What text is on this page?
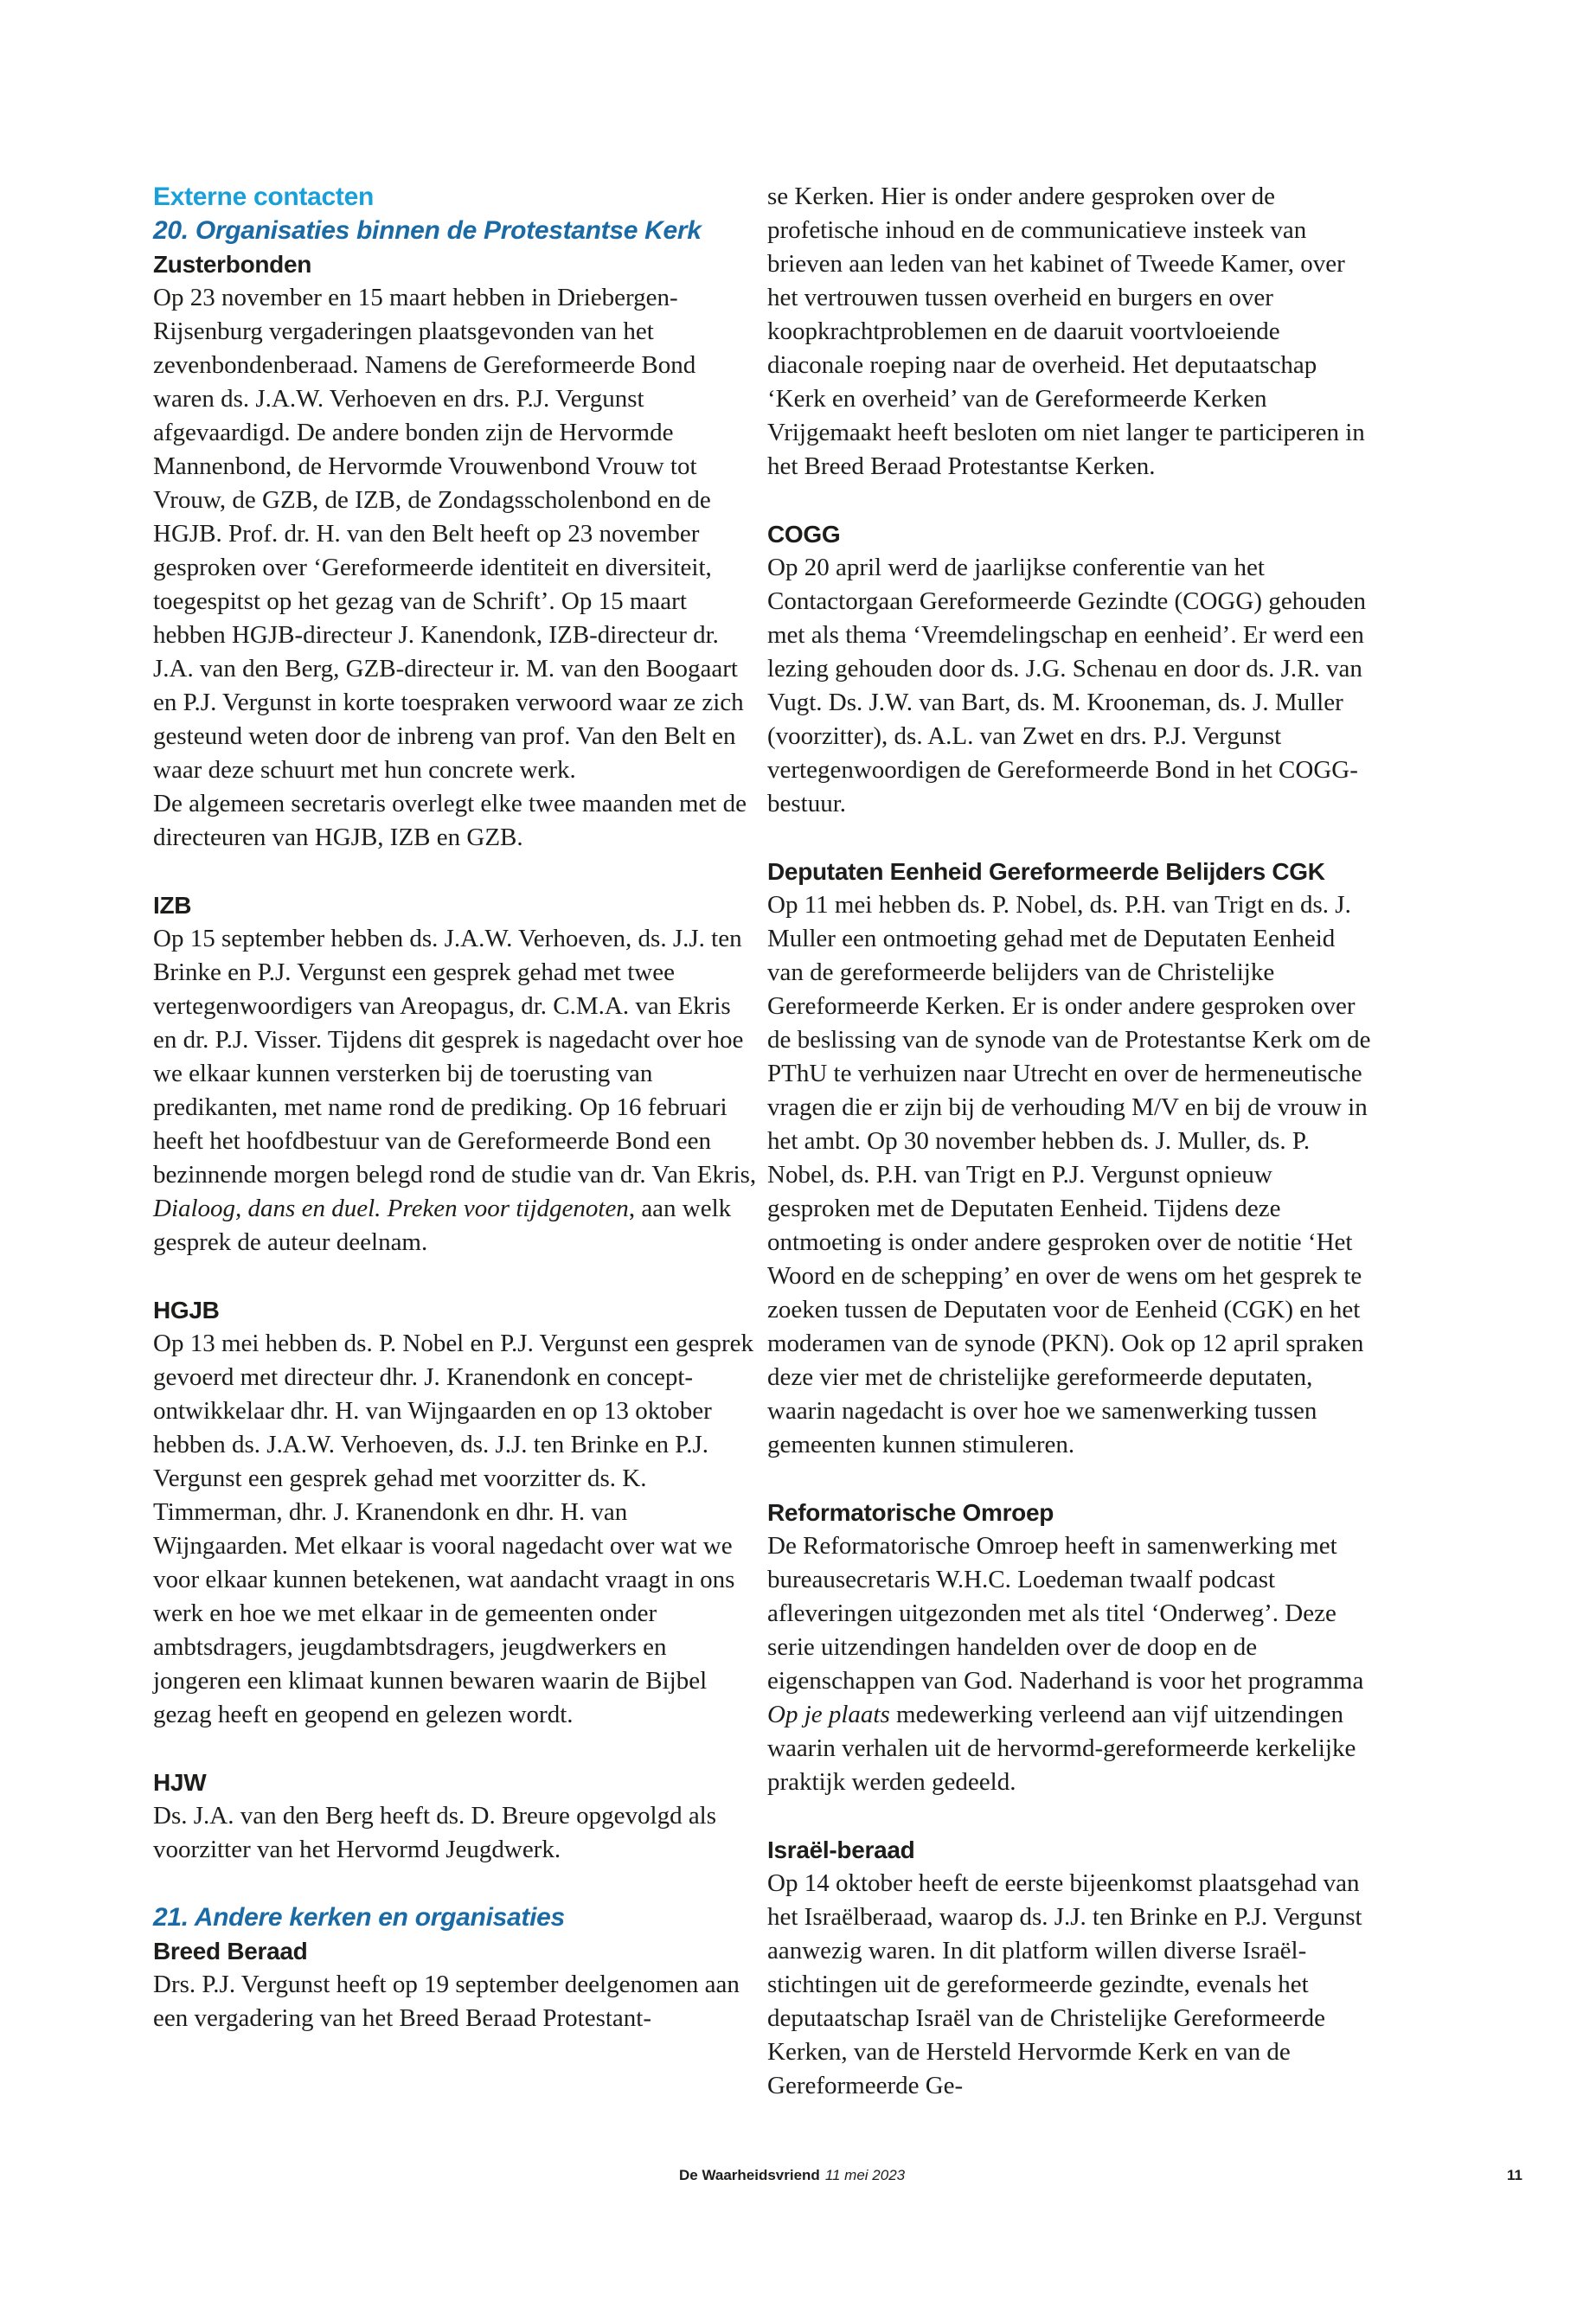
Externe contacten
20. Organisaties binnen de Protestantse Kerk
Zusterbonden

Op 23 november en 15 maart hebben in Driebergen-Rijsenburg vergaderingen plaatsgevonden van het zevenbondenberaad. Namens de Gereformeerde Bond waren ds. J.A.W. Verhoeven en drs. P.J. Vergunst afgevaardigd. De andere bonden zijn de Hervormde Mannenbond, de Hervormde Vrouwenbond Vrouw tot Vrouw, de GZB, de IZB, de Zondagsscholenbond en de HGJB. Prof. dr. H. van den Belt heeft op 23 november gesproken over ‘Gereformeerde identiteit en diversiteit, toegespitst op het gezag van de Schrift’. Op 15 maart hebben HGJB-directeur J. Kanendonk, IZB-directeur dr. J.A. van den Berg, GZB-directeur ir. M. van den Boogaart en P.J. Vergunst in korte toespraken verwoord waar ze zich gesteund weten door de inbreng van prof. Van den Belt en waar deze schuurt met hun concrete werk.

De algemeen secretaris overlegt elke twee maanden met de directeuren van HGJB, IZB en GZB.

IZB

Op 15 september hebben ds. J.A.W. Verhoeven, ds. J.J. ten Brinke en P.J. Vergunst een gesprek gehad met twee vertegenwoordigers van Areopagus, dr. C.M.A. van Ekris en dr. P.J. Visser. Tijdens dit gesprek is nagedacht over hoe we elkaar kunnen versterken bij de toerusting van predikanten, met name rond de prediking. Op 16 februari heeft het hoofdbestuur van de Gereformeerde Bond een bezinnende morgen belegd rond de studie van dr. Van Ekris, Dialoog, dans en duel. Preken voor tijdgenoten, aan welk gesprek de auteur deelnam.

HGJB

Op 13 mei hebben ds. P. Nobel en P.J. Vergunst een gesprek gevoerd met directeur dhr. J. Kranendonk en concept-ontwikkelaar dhr. H. van Wijngaarden en op 13 oktober hebben ds. J.A.W. Verhoeven, ds. J.J. ten Brinke en P.J. Vergunst een gesprek gehad met voorzitter ds. K. Timmerman, dhr. J. Kranendonk en dhr. H. van Wijngaarden. Met elkaar is vooral nagedacht over wat we voor elkaar kunnen betekenen, wat aandacht vraagt in ons werk en hoe we met elkaar in de gemeenten onder ambtsdragers, jeugdambtsdragers, jeugdwerkers en jongeren een klimaat kunnen bewaren waarin de Bijbel gezag heeft en geopend en gelezen wordt.

HJW

Ds. J.A. van den Berg heeft ds. D. Breure opgevolgd als voorzitter van het Hervormd Jeugdwerk.

21. Andere kerken en organisaties
Breed Beraad

Drs. P.J. Vergunst heeft op 19 september deelgenomen aan een vergadering van het Breed Beraad Protestant-

se Kerken. Hier is onder andere gesproken over de profetische inhoud en de communicatieve insteek van brieven aan leden van het kabinet of Tweede Kamer, over het vertrouwen tussen overheid en burgers en over koopkrachtproblemen en de daaruit voortvloeiende diaconale roeping naar de overheid. Het deputaatschap ‘Kerk en overheid’ van de Gereformeerde Kerken Vrijgemaakt heeft besloten om niet langer te participeren in het Breed Beraad Protestantse Kerken.

COGG

Op 20 april werd de jaarlijkse conferentie van het Contactorgaan Gereformeerde Gezindte (COGG) gehouden met als thema ‘Vreemdelingschap en eenheid’. Er werd een lezing gehouden door ds. J.G. Schenau en door ds. J.R. van Vugt. Ds. J.W. van Bart, ds. M. Krooneman, ds. J. Muller (voorzitter), ds. A.L. van Zwet en drs. P.J. Vergunst vertegenwoordigen de Gereformeerde Bond in het COGG-bestuur.

Deputaten Eenheid Gereformeerde Belijders CGK

Op 11 mei hebben ds. P. Nobel, ds. P.H. van Trigt en ds. J. Muller een ontmoeting gehad met de Deputaten Eenheid van de gereformeerde belijders van de Christelijke Gereformeerde Kerken. Er is onder andere gesproken over de beslissing van de synode van de Protestantse Kerk om de PThU te verhuizen naar Utrecht en over de hermeneutische vragen die er zijn bij de verhouding M/V en bij de vrouw in het ambt. Op 30 november hebben ds. J. Muller, ds. P. Nobel, ds. P.H. van Trigt en P.J. Vergunst opnieuw gesproken met de Deputaten Eenheid. Tijdens deze ontmoeting is onder andere gesproken over de notitie ‘Het Woord en de schepping’ en over de wens om het gesprek te zoeken tussen de Deputaten voor de Eenheid (CGK) en het moderamen van de synode (PKN). Ook op 12 april spraken deze vier met de christelijke gereformeerde deputaten, waarin nagedacht is over hoe we samenwerking tussen gemeenten kunnen stimuleren.

Reformatorische Omroep

De Reformatorische Omroep heeft in samenwerking met bureausecretaris W.H.C. Loedeman twaalf podcast afleveringen uitgezonden met als titel ‘Onderweg’. Deze serie uitzendingen handelden over de doop en de eigenschappen van God. Naderhand is voor het programma Op je plaats medewerking verleend aan vijf uitzendingen waarin verhalen uit de hervormd-gereformeerde kerkelijke praktijk werden gedeeld.

Israël-beraad

Op 14 oktober heeft de eerste bijeenkomst plaatsgehad van het Israëlberaad, waarop ds. J.J. ten Brinke en P.J. Vergunst aanwezig waren. In dit platform willen diverse Israël-stichtingen uit de gereformeerde gezindte, evenals het deputaatschap Israël van de Christelijke Gereformeerde Kerken, van de Hersteld Hervormde Kerk en van de Gereformeerde Ge-

De Waarheidsvriend 11 mei 2023	11
